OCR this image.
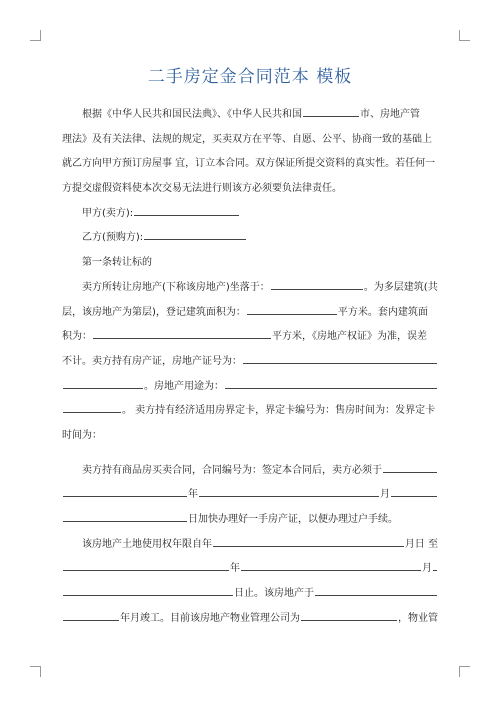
二手房定金合同范本 模板
根据《中华人民共和国民法典》、《中华人民共和国	市、房地产管
理法》及有关法律、法规的规定，买卖双方在平等、自愿、公平、协商一致的基础上
就乙方向甲方预订房屋事 宜，订立本合同。双方保证所提交资料的真实性。若任何一
方提交虚假资料使本次交易无法进行则该方必须要负法律责任。
甲方(卖方):
乙方(预购方):
第一条转让标的
卖方所转让房地产(下称该房地产)坐落于：	。为多层建筑(共
层，该房地产为第层)，登记建筑面积为：	平方米。套内建筑面
积为：	平方米，《房地产权证》为准，误差
不计。卖方持有房产证，房地产证号为：
。房地产用途为：
。 卖方持有经济适用房界定卡，界定卡编号为：售房时间为：发界定卡
时间为：
卖方持有商品房买卖合同，合同编号为：签定本合同后，卖方必须于
年	月
日加快办理好一手房产证，以便办理过户手续。
该房地产土地使用权年限自年	月日 至
年	月
日止。该房地产于
年月竣工。目前该房地产物业管理公司为	，物业管
